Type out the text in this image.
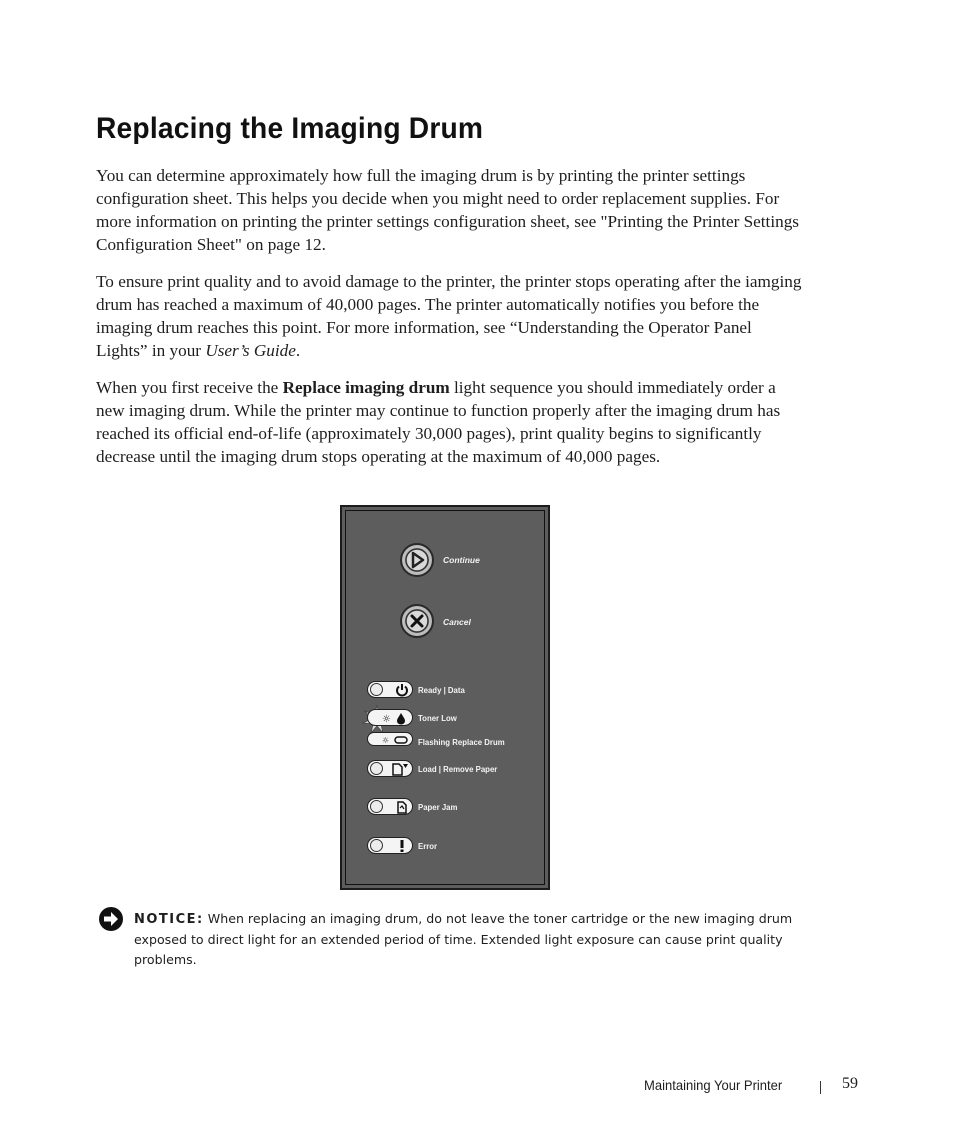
Replacing the Imaging Drum

You can determine approximately how full the imaging drum is by printing the printer settings configuration sheet. This helps you decide when you might need to order replacement supplies. For more information on printing the printer settings configuration sheet, see "Printing the Printer Settings Configuration Sheet" on page 12.

To ensure print quality and to avoid damage to the printer, the printer stops operating after the iamging drum has reached a maximum of 40,000 pages. The printer automatically notifies you before the imaging drum reaches this point. For more information, see “Understanding the Operator Panel Lights” in your User’s Guide.

When you first receive the Replace imaging drum light sequence you should immediately order a new imaging drum. While the printer may continue to function properly after the imaging drum has reached its official end-of-life (approximately 30,000 pages), print quality begins to significantly decrease until the imaging drum stops operating at the maximum of 40,000 pages.

Continue
Cancel
Ready | Data
☼	Toner Low
☼	Flashing Replace Drum
Load | Remove Paper
Paper Jam
Error

NOTICE: When replacing an imaging drum, do not leave the toner cartridge or the new imaging drum exposed to direct light for an extended period of time. Extended light exposure can cause print quality problems.

Maintaining Your Printer	59
